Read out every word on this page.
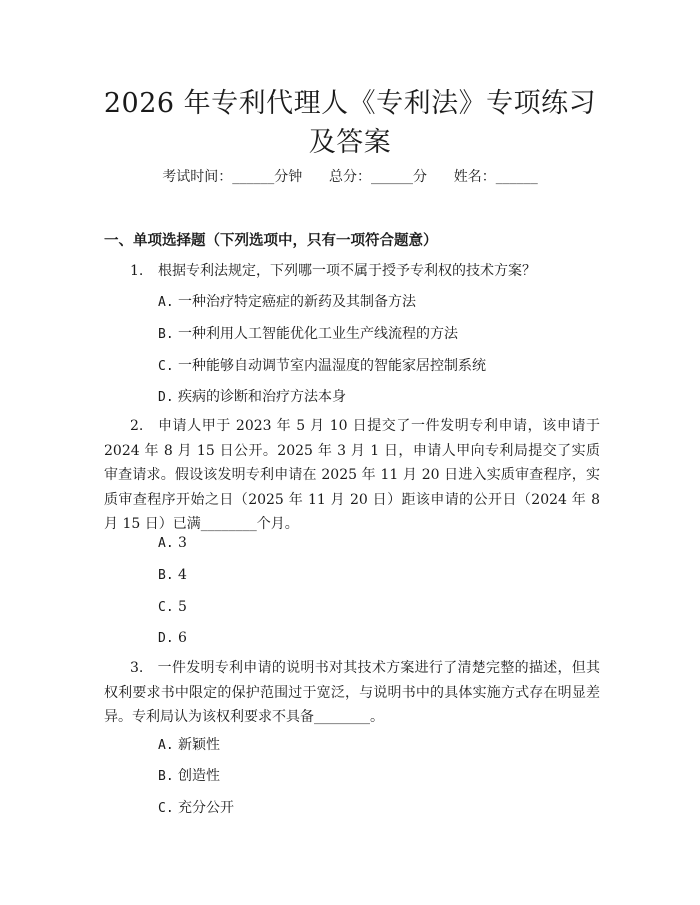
2026 年专利代理人《专利法》专项练习及答案
考试时间：______分钟      总分：______分      姓名：______
一、单项选择题（下列选项中，只有一项符合题意）
1. 根据专利法规定，下列哪一项不属于授予专利权的技术方案？
A. 一种治疗特定癌症的新药及其制备方法
B. 一种利用人工智能优化工业生产线流程的方法
C. 一种能够自动调节室内温湿度的智能家居控制系统
D. 疾病的诊断和治疗方法本身
2. 申请人甲于 2023 年 5 月 10 日提交了一件发明专利申请，该申请于 2024 年 8 月 15 日公开。2025 年 3 月 1 日，申请人甲向专利局提交了实质审查请求。假设该发明专利申请在 2025 年 11 月 20 日进入实质审查程序，实质审查程序开始之日（2025 年 11 月 20 日）距该申请的公开日（2024 年 8 月 15 日）已满________个月。
A. 3
B. 4
C. 5
D. 6
3. 一件发明专利申请的说明书对其技术方案进行了清楚完整的描述，但其权利要求书中限定的保护范围过于宽泛，与说明书中的具体实施方式存在明显差异。专利局认为该权利要求不具备________。
A. 新颖性
B. 创造性
C. 充分公开
